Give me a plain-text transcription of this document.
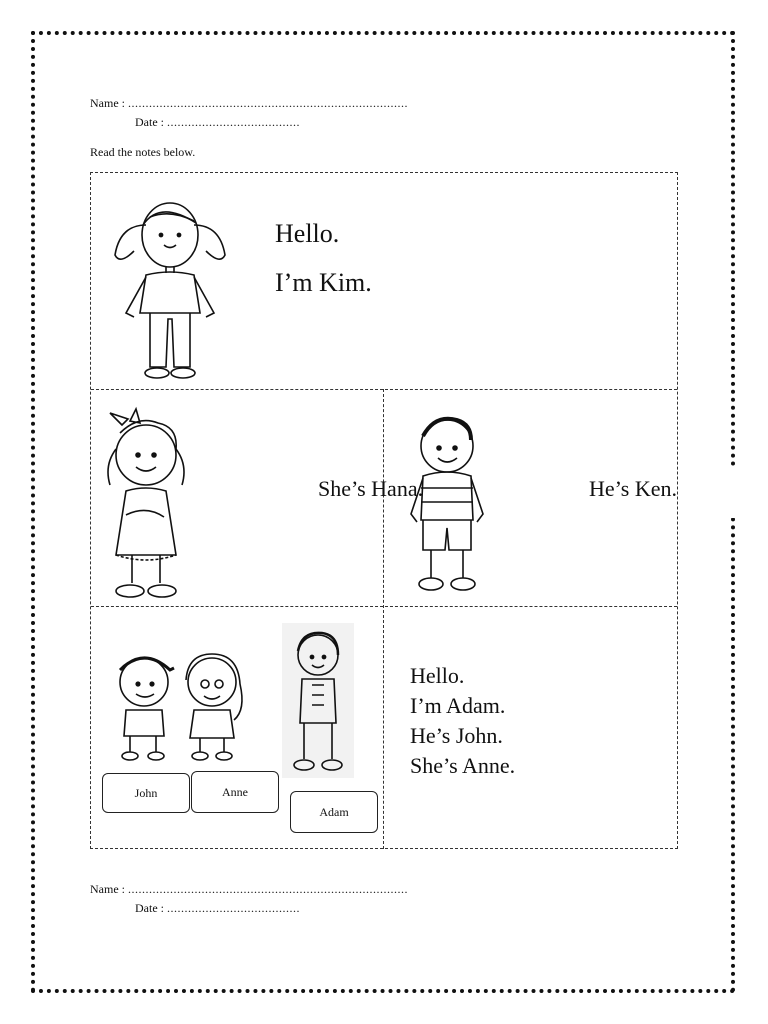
Name : ................................................................................
Date : ......................................
Read the notes below.
Hello.
I’m Kim.
She’s Hana.	He’s Ken.
John	Anne
Adam
Hello.
I’m Adam.
He’s John.
She’s Anne.
Name : ................................................................................
Date : ......................................
